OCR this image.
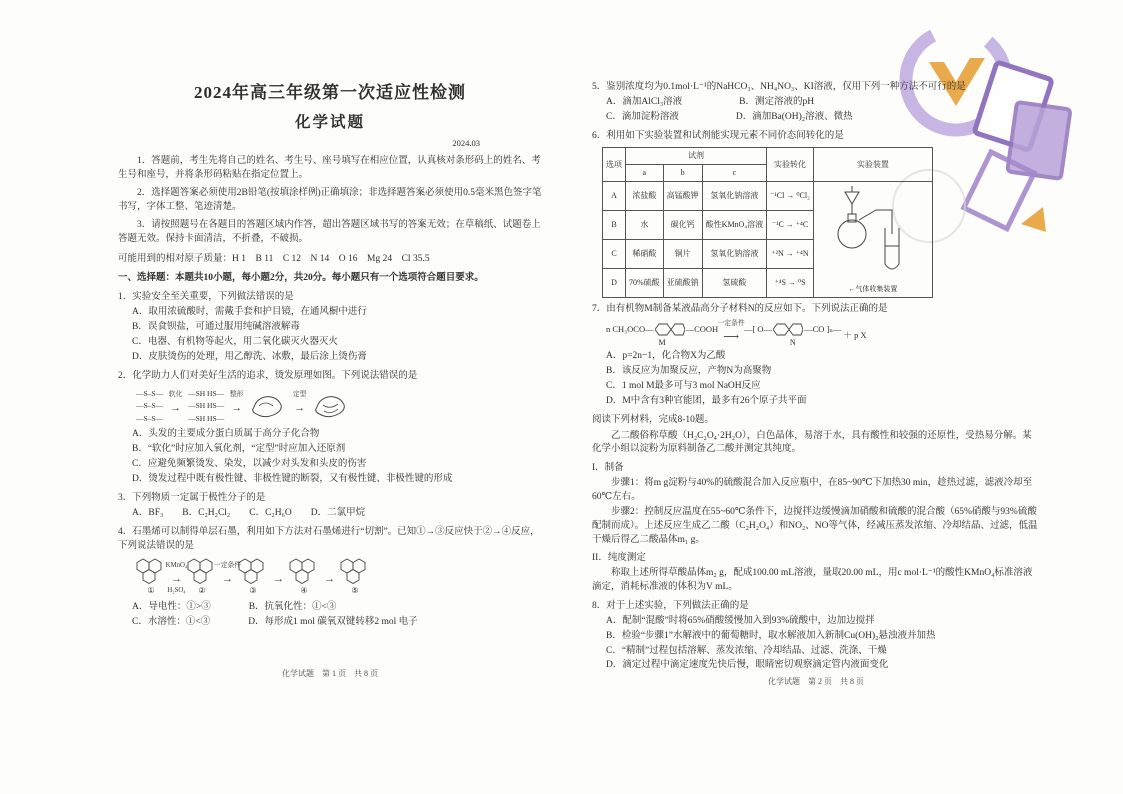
2024年高三年级第一次适应性检测
化学试题
2024.03

1．答题前，考生先将自己的姓名、考生号、座号填写在相应位置，认真核对条形码上的姓名、考生号和座号，并将条形码粘贴在指定位置上。

2．选择题答案必须使用2B铅笔(按填涂样例)正确填涂；非选择题答案必须使用0.5毫米黑色签字笔书写，字体工整、笔迹清楚。

3．请按照题号在各题目的答题区域内作答，超出答题区域书写的答案无效；在草稿纸、试题卷上答题无效。保持卡面清洁，不折叠，不破损。

可能用到的相对原子质量：H 1　B 11　C 12　N 14　O 16　Mg 24　Cl 35.5

一、选择题：本题共10小题，每小题2分，共20分。每小题只有一个选项符合题目要求。

1．实验安全至关重要，下列做法错误的是

A．取用浓硫酸时，需戴手套和护目镜，在通风橱中进行
B．误食钡盐，可通过服用纯碱溶液解毒
C．电器、有机物等起火，用二氧化碳灭火器灭火
D．皮肤烫伤的处理，用乙醇洗、冰敷，最后涂上烫伤膏

2．化学助力人们对美好生活的追求，烫发原理如图。下列说法错误的是

—S–S—
—S–S—
—S–S—
→
软化 —SH HS—
—SH HS—
—SH HS—
→
整形
→
定型
A．头发的主要成分蛋白质属于高分子化合物
B．“软化”时应加入氧化剂，“定型”时应加入还原剂
C．应避免频繁烫发、染发，以减少对头发和头皮的伤害
D．烫发过程中既有极性键、非极性键的断裂，又有极性键、非极性键的形成

3．下列物质一定属于极性分子的是

A．BF₃　　B．C₂H₂Cl₂　　C．C₂H₆O　　D．二氯甲烷

4．石墨烯可以制得单层石墨，利用如下方法对石墨烯进行“切割”。已知①→③反应快于②→④反应，下列说法错误的是

①
→
KMnO₄
H₂SO₄ ②
→
一定条件
③
→
④
→
⑤
A．导电性：①>③　　　　B．抗氧化性：①<③
C．水溶性：①<③　　　　D．每形成1 mol 碳氧双键转移2 mol 电子

5．鉴别浓度均为0.1mol·L⁻¹的NaHCO₃、NH₄NO₃、KI溶液，仅用下列一种方法不可行的是

A．滴加AlCl₃溶液　　　　　　B．测定溶液的pH
C．滴加淀粉溶液　　　　　　D．滴加Ba(OH)₂溶液、微热

6．利用如下实验装置和试剂能实现元素不同价态间转化的是

选项	试剂			实验转化	实验装置
	a	b	c		
A	浓盐酸	高锰酸钾	氢氧化钠溶液	⁻¹Cl → ⁰Cl₂	←气体收集装置

B	水	碳化钙	酸性KMnO₄溶液	⁻¹C → ⁺⁴C	
C	稀硝酸	铜片	氢氧化钠溶液	⁺²N → ⁺⁴N	
D	70%硫酸	亚硫酸钠	氢硫酸	⁺⁴S → ⁰S	

7．由有机物M制备某液晶高分子材料N的反应如下。下列说法正确的是

n CH₃OCO—	—COOH
M	⟶
一定条件
—[ O—	—CO ]ₙ—
N
＋ p X
A．p=2n−1，化合物X为乙酸
B．该反应为加聚反应，产物N为高聚物
C．1 mol M最多可与3 mol NaOH反应
D．M中含有3种官能团，最多有26个原子共平面

阅读下列材料，完成8-10题。

乙二酸俗称草酸（H₂C₂O₄·2H₂O），白色晶体，易溶于水，具有酸性和较强的还原性，受热易分解。某化学小组以淀粉为原料制备乙二酸并测定其纯度。

I．制备

步骤1：将m g淀粉与40%的硫酸混合加入反应瓶中，在85~90℃下加热30 min，趁热过滤，滤液冷却至60℃左右。

步骤2：控制反应温度在55~60℃条件下，边搅拌边缓慢滴加硝酸和硫酸的混合酸（65%硝酸与93%硫酸配制而成）。上述反应生成乙二酸（C₂H₂O₄）和NO₂、NO等气体，经减压蒸发浓缩、冷却结晶、过滤，低温干燥后得乙二酸晶体m₁ g。

II．纯度测定

称取上述所得草酸晶体m₂ g，配成100.00 mL溶液，量取20.00 mL，用c mol·L⁻¹的酸性KMnO₄标准溶液滴定，消耗标准液的体积为V mL。

8．对于上述实验，下列做法正确的是

A．配制“混酸”时将65%硝酸缓慢加入到93%硫酸中，边加边搅拌
B．检验“步骤1”水解液中的葡萄糖时，取水解液加入新制Cu(OH)₂悬浊液并加热
C．“精制”过程包括溶解、蒸发浓缩、冷却结晶、过滤、洗涤、干燥
D．滴定过程中滴定速度先快后慢，眼睛密切观察滴定管内液面变化
化学试题　第 1 页　共 8 页
化学试题　第 2 页　共 8 页
